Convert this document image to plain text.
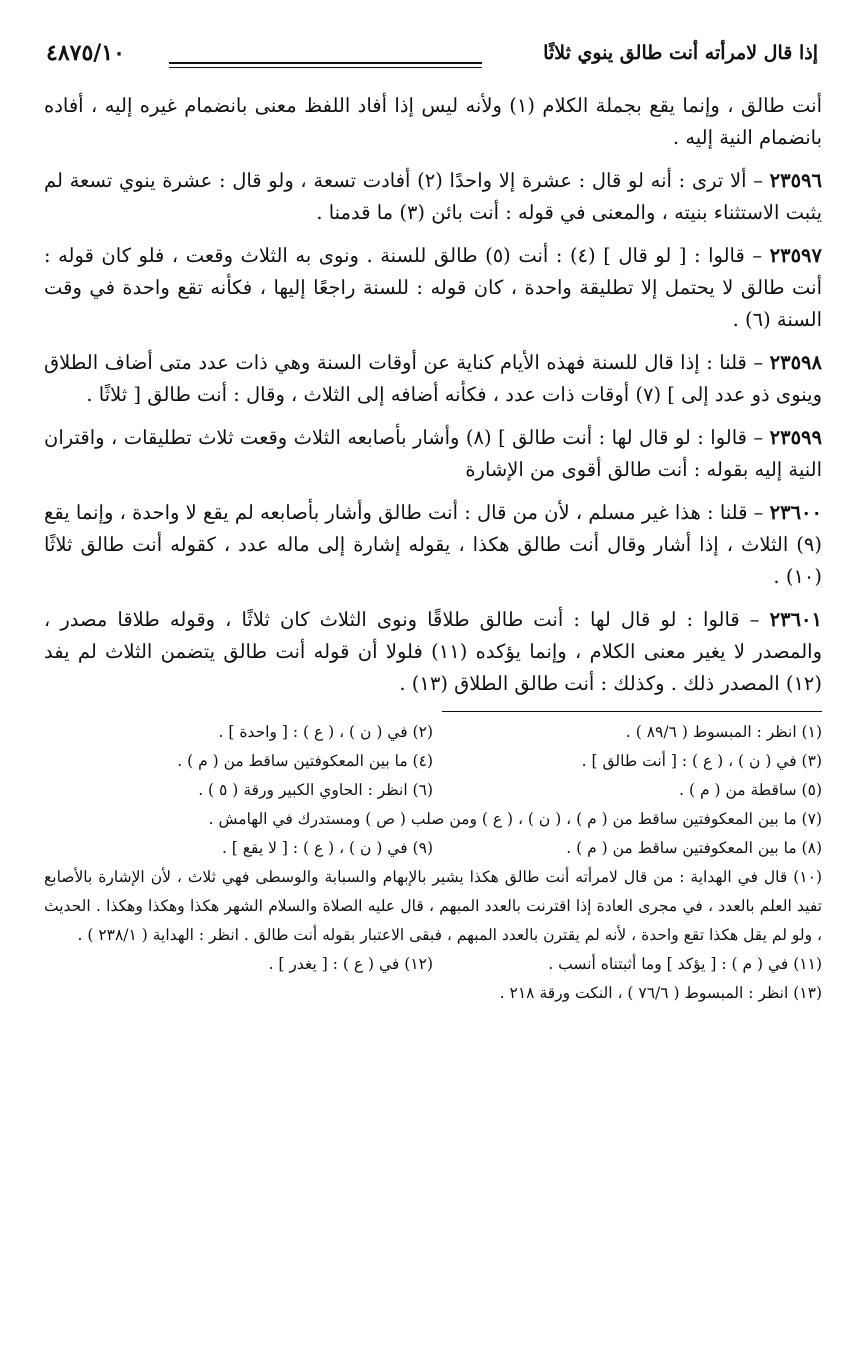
إذا قال لامرأته أنت طالق ينوي ثلاثًا
٤٨٧٥/١٠

أنت طالق ، وإنما يقع بجملة الكلام (١) ولأنه ليس إذا أفاد اللفظ معنى بانضمام غيره إليه ، أفاده بانضمام النية إليه .

٢٣٥٩٦ – ألا ترى : أنه لو قال : عشرة إلا واحدًا (٢) أفادت تسعة ، ولو قال : عشرة ينوي تسعة لم يثبت الاستثناء بنيته ، والمعنى في قوله : أنت بائن (٣) ما قدمنا .

٢٣٥٩٧ – قالوا : [ لو قال ] (٤) : أنت (٥) طالق للسنة . ونوى به الثلاث وقعت ، فلو كان قوله : أنت طالق لا يحتمل إلا تطليقة واحدة ، كان قوله : للسنة راجعًا إليها ، فكأنه تقع واحدة في وقت السنة (٦) .

٢٣٥٩٨ – قلنا : إذا قال للسنة فهذه الأيام كناية عن أوقات السنة وهي ذات عدد متى أضاف الطلاق وينوى ذو عدد إلى ] (٧) أوقات ذات عدد ، فكأنه أضافه إلى الثلاث ، وقال : أنت طالق [ ثلاثًا .

٢٣٥٩٩ – قالوا : لو قال لها : أنت طالق ] (٨) وأشار بأصابعه الثلاث وقعت ثلاث تطليقات ، واقتران النية إليه بقوله : أنت طالق أقوى من الإشارة

٢٣٦٠٠ – قلنا : هذا غير مسلم ، لأن من قال : أنت طالق وأشار بأصابعه لم يقع لا واحدة ، وإنما يقع (٩) الثلاث ، إذا أشار وقال أنت طالق هكذا ، يقوله إشارة إلى ماله عدد ، كقوله أنت طالق ثلاثًا (١٠) .

٢٣٦٠١ – قالوا : لو قال لها : أنت طالق طلاقًا ونوى الثلاث كان ثلاثًا ، وقوله طلاقا مصدر ، والمصدر لا يغير معنى الكلام ، وإنما يؤكده (١١) فلولا أن قوله أنت طالق يتضمن الثلاث لم يفد (١٢) المصدر ذلك . وكذلك : أنت طالق الطلاق (١٣) .

(١) انظر : المبسوط ( ٨٩/٦ ) .
(٢) في ( ن ) ، ( ع ) : [ واحدة ] .
(٣) في ( ن ) ، ( ع ) : [ أنت طالق ] .
(٤) ما بين المعكوفتين ساقط من ( م ) .
(٥) ساقطة من ( م ) .
(٦) انظر : الحاوي الكبير ورقة ( ٥ ) .
(٧) ما بين المعكوفتين ساقط من ( م ) ، ( ن ) ، ( ع ) ومن صلب ( ص ) ومستدرك في الهامش .
(٨) ما بين المعكوفتين ساقط من ( م ) .
(٩) في ( ن ) ، ( ع ) : [ لا يقع ] .
(١٠) قال في الهداية : من قال لامرأته أنت طالق هكذا يشير بالإبهام والسبابة والوسطى فهي ثلاث ، لأن الإشارة بالأصابع تفيد العلم بالعدد ، في مجرى العادة إذا اقترنت بالعدد المبهم ، قال عليه الصلاة والسلام الشهر هكذا وهكذا وهكذا . الحديث ، ولو لم يقل هكذا تقع واحدة ، لأنه لم يقترن بالعدد المبهم ، فبقى الاعتبار بقوله أنت طالق . انظر : الهداية ( ٢٣٨/١ ) .
(١١) في ( م ) : [ يؤكد ] وما أثبتناه أنسب .
(١٢) في ( ع ) : [ يغدر ] .
(١٣) انظر : المبسوط ( ٧٦/٦ ) ، النكت ورقة ٢١٨ .
